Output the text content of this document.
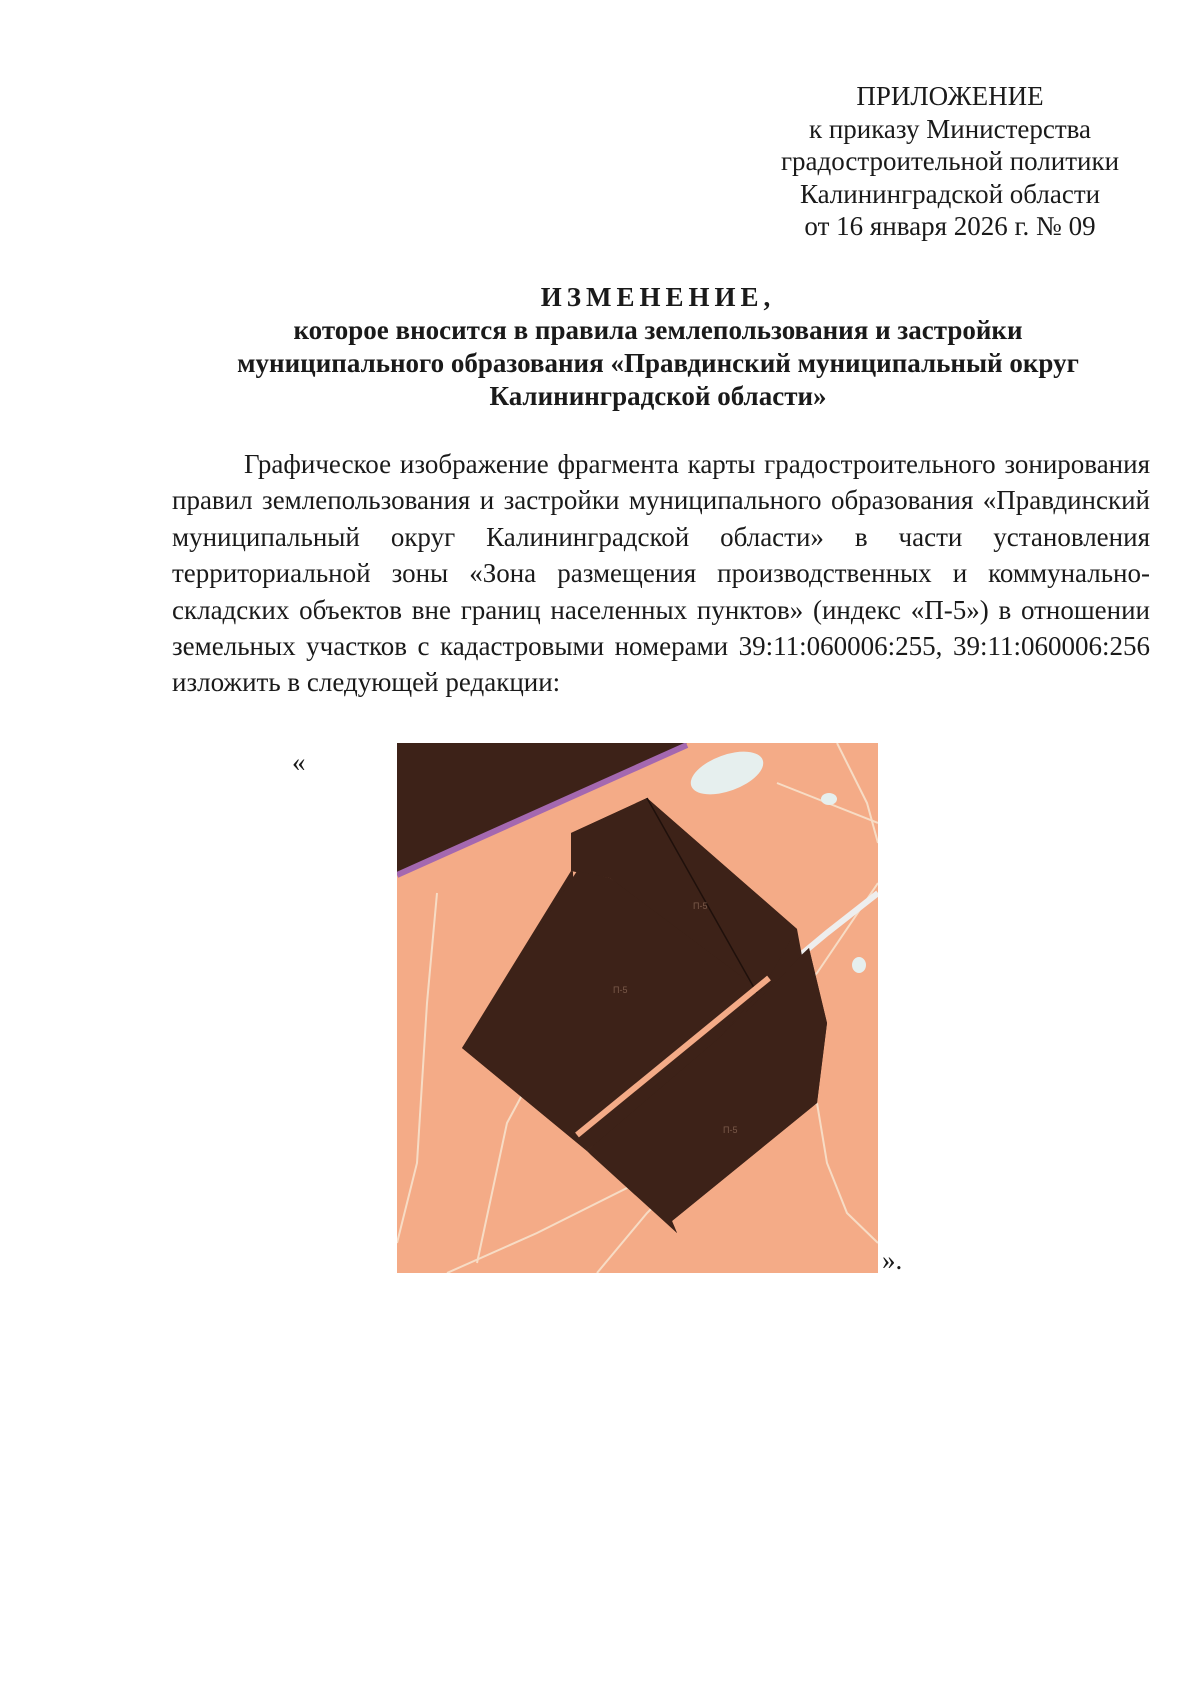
ПРИЛОЖЕНИЕ
к приказу Министерства
градостроительной политики
Калининградской области
от 16 января 2026 г. № 09
ИЗМЕНЕНИЕ,
которое вносится в правила землепользования и застройки
муниципального образования «Правдинский муниципальный округ
Калининградской области»
Графическое изображение фрагмента карты градостроительного зонирования правил землепользования и застройки муниципального образования «Правдинский муниципальный округ Калининградской области» в части установления территориальной зоны «Зона размещения производственных и коммунально-складских объектов вне границ населенных пунктов» (индекс «П-5») в отношении земельных участков с кадастровыми номерами 39:11:060006:255, 39:11:060006:256 изложить в следующей редакции:
«
П-5
П-5
П-5
».
